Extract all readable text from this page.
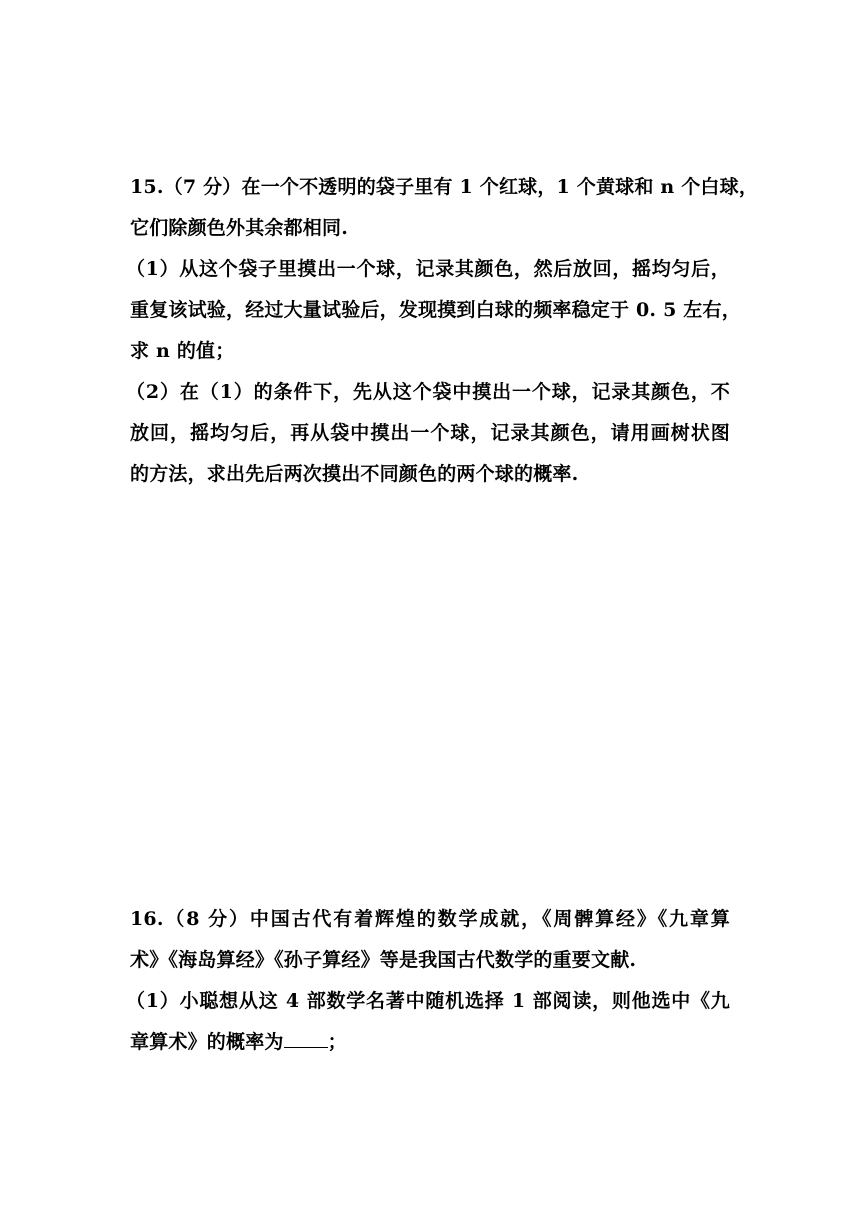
15.（7 分）在一个不透明的袋子里有 1 个红球，1 个黄球和 n 个白球，
它们除颜色外其余都相同.
（1）从这个袋子里摸出一个球，记录其颜色，然后放回，摇均匀后，
重复该试验，经过大量试验后，发现摸到白球的频率稳定于 0. 5 左右，
求 n 的值；
（2）在（1）的条件下，先从这个袋中摸出一个球，记录其颜色，不
放回，摇均匀后，再从袋中摸出一个球，记录其颜色，请用画树状图
的方法，求出先后两次摸出不同颜色的两个球的概率.
16.（8 分）中国古代有着辉煌的数学成就，《周髀算经》《九章算
术》《海岛算经》《孙子算经》等是我国古代数学的重要文献.
（1）小聪想从这 4 部数学名著中随机选择 1 部阅读，则他选中《九
章算术》的概率为 ；
